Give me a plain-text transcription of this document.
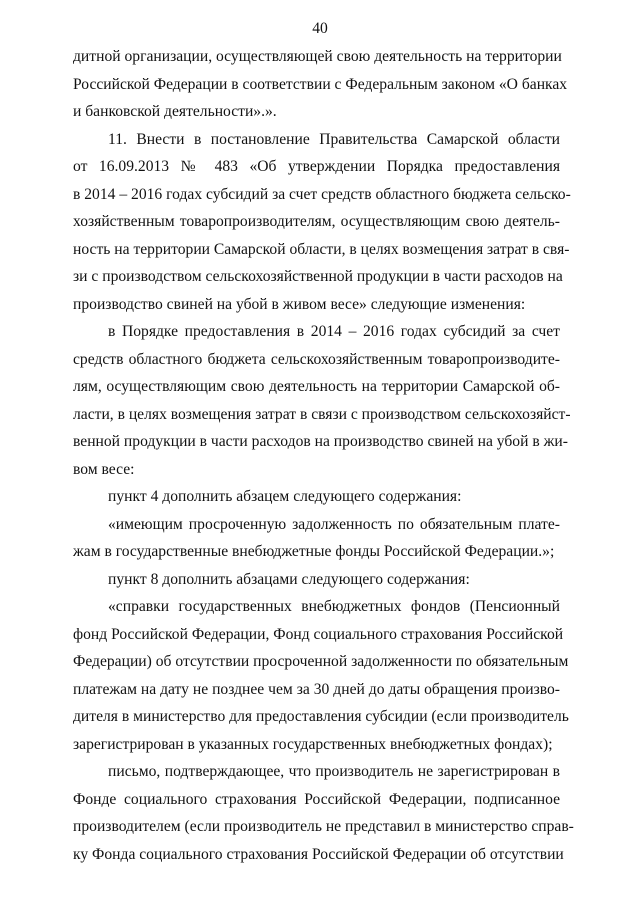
40
дитной организации, осуществляющей свою деятельность на территории
Российской Федерации в соответствии с Федеральным законом «О банках
и банковской деятельности».».
11. Внести в постановление Правительства Самарской области
от 16.09.2013 № 483 «Об утверждении Порядка предоставления
в 2014 – 2016 годах субсидий за счет средств областного бюджета сельско-
хозяйственным товаропроизводителям, осуществляющим свою деятель-
ность на территории Самарской области, в целях возмещения затрат в свя-
зи с производством сельскохозяйственной продукции в части расходов на
производство свиней на убой в живом весе» следующие изменения:
в Порядке предоставления в 2014 – 2016 годах субсидий за счет
средств областного бюджета сельскохозяйственным товаропроизводите-
лям, осуществляющим свою деятельность на территории Самарской об-
ласти, в целях возмещения затрат в связи с производством сельскохозяйст-
венной продукции в части расходов на производство свиней на убой в жи-
вом весе:
пункт 4 дополнить абзацем следующего содержания:
«имеющим просроченную задолженность по обязательным плате-
жам в государственные внебюджетные фонды Российской Федерации.»;
пункт 8 дополнить абзацами следующего содержания:
«справки государственных внебюджетных фондов (Пенсионный
фонд Российской Федерации, Фонд социального страхования Российской
Федерации) об отсутствии просроченной задолженности по обязательным
платежам на дату не позднее чем за 30 дней до даты обращения произво-
дителя в министерство для предоставления субсидии (если производитель
зарегистрирован в указанных государственных внебюджетных фондах);
письмо, подтверждающее, что производитель не зарегистрирован в
Фонде социального страхования Российской Федерации, подписанное
производителем (если производитель не представил в министерство справ-
ку Фонда социального страхования Российской Федерации об отсутствии
